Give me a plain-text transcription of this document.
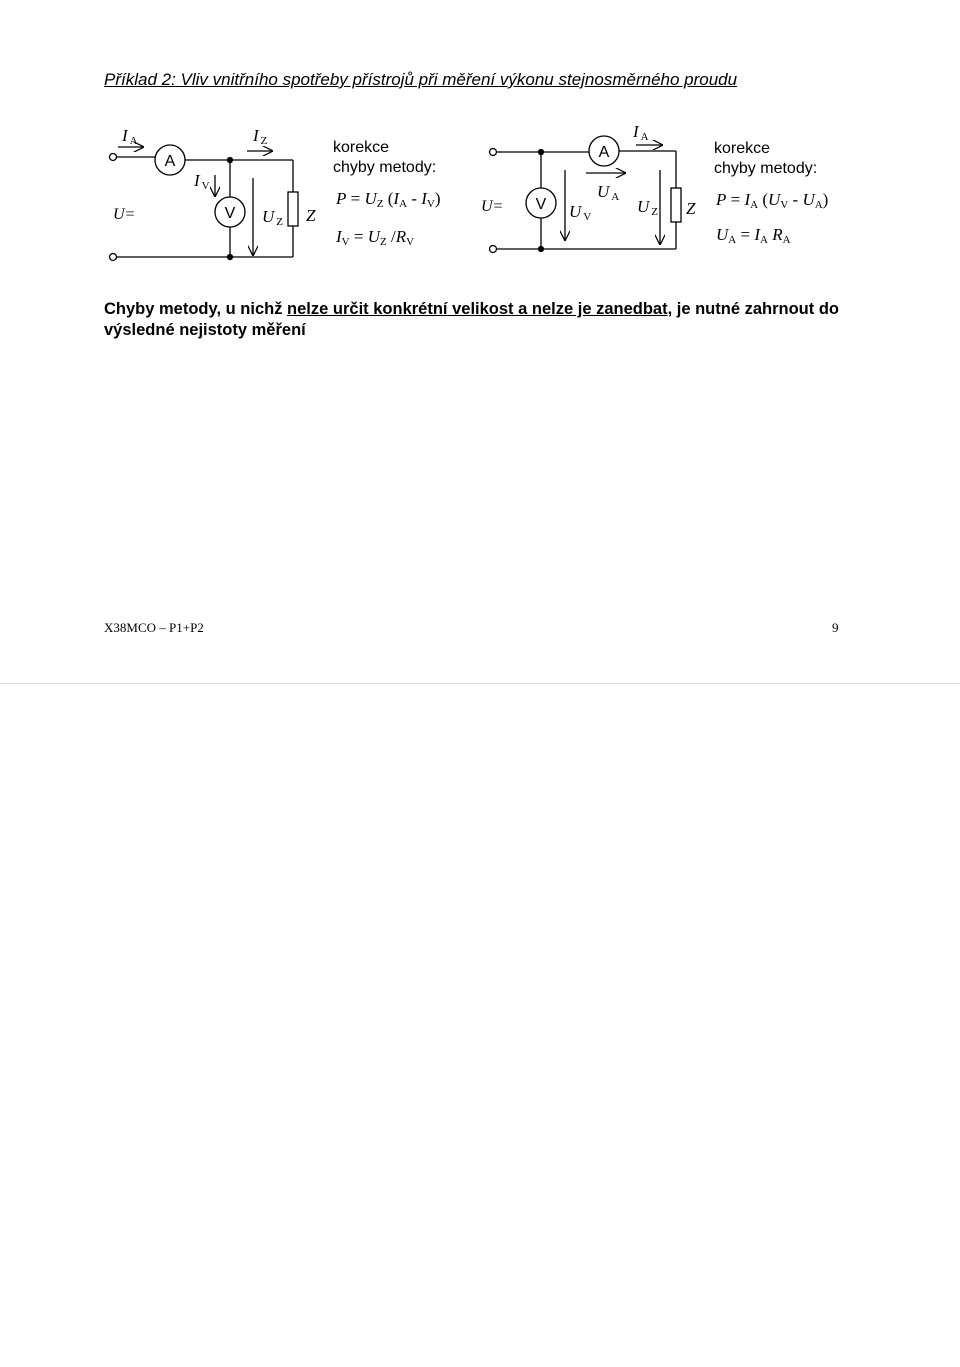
Příklad 2: Vliv vnitřního spotřeby přístrojů při měření výkonu stejnosměrného proudu
U=
A
V
I A
I V
I Z
U Z Z
korekce
chyby metody:
P = UZ (IA - IV)
IV = UZ /RV
U=
A
V
I A
U A
U V
U Z Z
korekce
chyby metody:
P = IA (UV - UA)
UA = IA RA
Chyby metody, u nichž nelze určit konkrétní velikost a nelze je zanedbat, je nutné zahrnout do výsledné nejistoty měření
X38MCO – P1+P2	9
